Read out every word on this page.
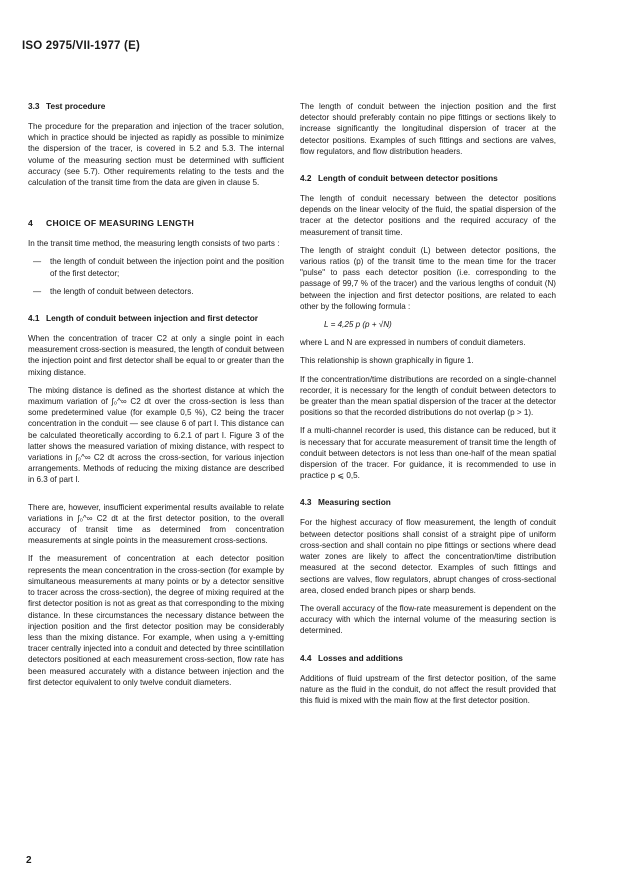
ISO 2975/VII-1977 (E)
3.3 Test procedure

The procedure for the preparation and injection of the tracer solution, which in practice should be injected as rapidly as possible to minimize the dispersion of the tracer, is covered in 5.2 and 5.3. The internal volume of the measuring section must be determined with sufficient accuracy (see 5.7). Other requirements relating to the tests and the calculation of the transit time from the data are given in clause 5.

4 CHOICE OF MEASURING LENGTH

In the transit time method, the measuring length consists of two parts :

— the length of conduit between the injection point and the position of the first detector;
— the length of conduit between detectors.
4.1 Length of conduit between injection and first detector

When the concentration of tracer C2 at only a single point in each measurement cross-section is measured, the length of conduit between the injection point and first detector shall be equal to or greater than the mixing distance.

The mixing distance is defined as the shortest distance at which the maximum variation of ∫₀^∞ C2 dt over the cross-section is less than some predetermined value (for example 0,5 %), C2 being the tracer concentration in the conduit — see clause 6 of part I. This distance can be calculated theoretically according to 6.2.1 of part I. Figure 3 of the latter shows the measured variation of mixing distance, with respect to variations in ∫₀^∞ C2 dt across the cross-section, for various injection arrangements. Methods of reducing the mixing distance are described in 6.3 of part I.

There are, however, insufficient experimental results available to relate variations in ∫₀^∞ C2 dt at the first detector position, to the overall accuracy of transit time as determined from concentration measurements at single points in the measurement cross-sections.

If the measurement of concentration at each detector position represents the mean concentration in the cross-section (for example by simultaneous measurements at many points or by a detector sensitive to tracer across the cross-section), the degree of mixing required at the first detector position is not as great as that corresponding to the mixing distance. In these circumstances the necessary distance between the injection position and the first detector position may be considerably less than the mixing distance. For example, when using a γ-emitting tracer centrally injected into a conduit and detected by three scintillation detectors positioned at each measurement cross-section, flow rate has been measured accurately with a distance between injection and the first detector equivalent to only twelve conduit diameters.

The length of conduit between the injection position and the first detector should preferably contain no pipe fittings or sections likely to increase significantly the longitudinal dispersion of tracer at the detector positions. Examples of such fittings and sections are valves, flow regulators, and flow distribution headers.

4.2 Length of conduit between detector positions

The length of conduit necessary between the detector positions depends on the linear velocity of the fluid, the spatial dispersion of the tracer at the detector positions and the required accuracy of the measurement of transit time.

The length of straight conduit (L) between detector positions, the various ratios (p) of the transit time to the mean time for the tracer "pulse" to pass each detector position (i.e. corresponding to the passage of 99,7 % of the tracer) and the various lengths of conduit (N) between the injection and first detector positions, are related to each other by the following formula :

L = 4,25 p (p + √N)

where L and N are expressed in numbers of conduit diameters.

This relationship is shown graphically in figure 1.

If the concentration/time distributions are recorded on a single-channel recorder, it is necessary for the length of conduit between detectors to be greater than the mean spatial dispersion of the tracer at the detector positions so that the recorded distributions do not overlap (p > 1).

If a multi-channel recorder is used, this distance can be reduced, but it is necessary that for accurate measurement of transit time the length of conduit between detectors is not less than one-half of the mean spatial dispersion of the tracer. For guidance, it is recommended to use in practice p ⩽ 0,5.

4.3 Measuring section

For the highest accuracy of flow measurement, the length of conduit between detector positions shall consist of a straight pipe of uniform cross-section and shall contain no pipe fittings or sections where dead water zones are likely to affect the concentration/time distribution measured at the second detector. Examples of such fittings and sections are valves, flow regulators, abrupt changes of cross-sectional area, closed ended branch pipes or sharp bends.

The overall accuracy of the flow-rate measurement is dependent on the accuracy with which the internal volume of the measuring section is determined.

4.4 Losses and additions

Additions of fluid upstream of the first detector position, of the same nature as the fluid in the conduit, do not affect the result provided that this fluid is mixed with the main flow at the first detector position.

2
